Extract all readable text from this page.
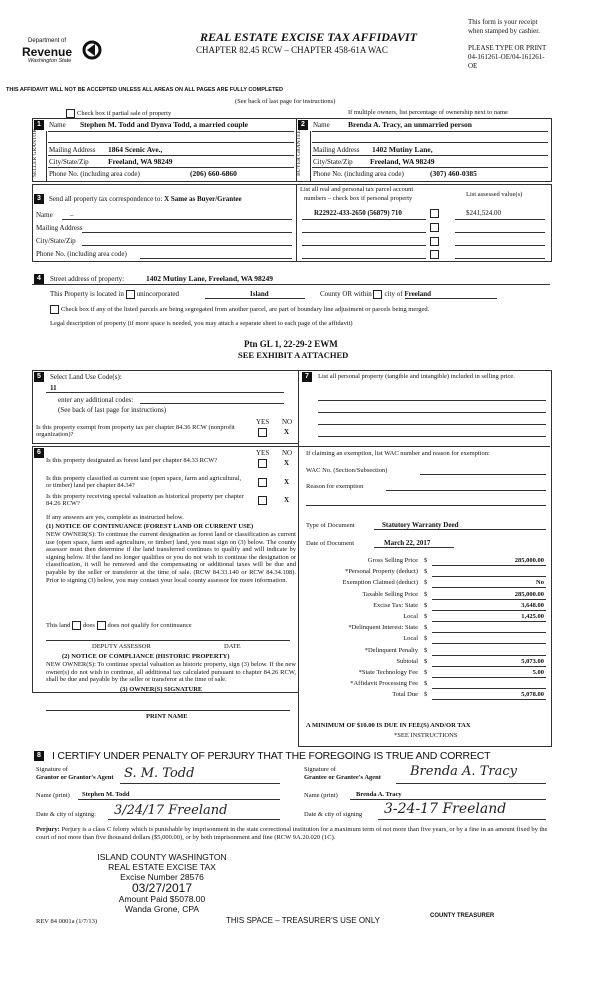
Department of
Revenue
Washington State
REAL ESTATE EXCISE TAX AFFIDAVIT
CHAPTER 82.45 RCW – CHAPTER 458-61A WAC
This form is your receipt
when stamped by cashier.
PLEASE TYPE OR PRINT
04-161261-OE/04-161261-
OE
THIS AFFIDAVIT WILL NOT BE ACCEPTED UNLESS ALL AREAS ON ALL PAGES ARE FULLY COMPLETED
(See back of last page for instructions)
Check box if partial sale of property	If multiple owners, list percentage of ownership next to name
1	2
SELLER GRANTOR	BUYER GRANTEE
Name Stephen M. Todd and Dynva Todd, a married couple
Mailing Address 1864 Scenic Ave.,
City/State/Zip	Freeland, WA 98249
Phone No. (including area code)	(206) 660-6860
Name Brenda A. Tracy, an unmarried person
Mailing Address 1402 Mutiny Lane,
City/State/Zip Freeland, WA 98249
Phone No. (including area code)	(307) 460-0385
3	Send all property tax correspondence to: X Same as Buyer/Grantee
Name _
Mailing Address
City/State/Zip
Phone No. (including area code)
List all real and personal tax parcel account
numbers – check box if personal property
List assessed value(s)
R22922-433-2650 (56879) 710	$241,524.00
4	Street address of property:	1402 Mutiny Lane, Freeland, WA 98249
This Property is located in unincorporated	Island	County OR within city of Freeland
Check box if any of the listed parcels are being segregated from another parcel, are part of boundary line adjustment or parcels being merged.
Legal description of property (if more space is needed, you may attach a separate sheet to each page of the affidavit)
Ptn GL 1, 22-29-2 EWM
SEE EXHIBIT A ATTACHED
5	Select Land Use Code(s):
11
enter any additional codes:
(See back of last page for instructions)
YES NO
Is this property exempt from property tax per chapter 84.36 RCW (nonprofit organization)?	X
6	YES NO
Is this property designated as forest land per chapter 84.33 RCW?	X
Is this property classified as current use (open space, farm and agricultural, or timber) land per chapter 84.34?	X
Is this property receiving special valuation as historical property per chapter 84.26 RCW?	X
If any answers are yes, complete as instructed below.
(1) NOTICE OF CONTINUANCE (FOREST LAND OR CURRENT USE)
NEW OWNER(S): To continue the current designation as forest land or classification as current use (open space, farm and agriculture, or timber) land, you must sign on (3) below. The county assessor must then determine if the land transferred continues to qualify and will indicate by signing below. If the land no longer qualifies or you do not wish to continue the designation or classification, it will be removed and the compensating or additional taxes will be due and payable by the seller or transferor at the time of sale. (RCW 84.33.140 or RCW 84.34.108). Prior to signing (3) below, you may contact your local county assessor for more information.
This land does does not qualify for continuance
DEPUTY ASSESSOR	DATE
(2) NOTICE OF COMPLIANCE (HISTORIC PROPERTY)
NEW OWNER(S): To continue special valuation as historic property, sign (3) below. If the new owner(s) do not wish to continue, all additional tax calculated pursuant to chapter 84.26 RCW, shall be due and payable by the seller or transferor at the time of sale.
(3) OWNER(S) SIGNATURE
PRINT NAME
7	List all personal property (tangible and intangible) included in selling price.
If claiming an exemption, list WAC number and reason for exemption:
WAC No. (Section/Subsection)
Reason for exemption
Type of Document	Statutory Warranty Deed
Date of Document	March 22, 2017
Gross Selling Price $	285,000.00
*Personal Property (deduct) $
Exemption Claimed (deduct) $	No
Taxable Selling Price $	285,000.00
Excise Tax: State $	3,648.00
Local $	1,425.00
*Delinquent Interest: State $
Local $
*Delinquent Penalty $
Subtotal $	5,073.00
*State Technology Fee $	5.00
*Affidavit Processing Fee $
Total Due $	5,078.00
A MINIMUM OF $10.00 IS DUE IN FEE(S) AND/OR TAX
*SEE INSTRUCTIONS
8 I CERTIFY UNDER PENALTY OF PERJURY THAT THE FOREGOING IS TRUE AND CORRECT
Signature of
Grantor or Grantor's Agent S. M. Todd	Signature of
Grantee or Grantee's Agent Brenda A. Tracy
Name (print) Stephen M. Todd	Name (print)	Brenda A. Tracy
Date & city of signing: 3/24/17 Freeland	Date & city of signing 3-24-17 Freeland
Perjury: Perjury is a class C felony which is punishable by imprisonment in the state correctional institution for a maximum term of not more than five years, or by a fine in an amount fixed by the court of not more than five thousand dollars ($5,000.00), or by both imprisonment and fine (RCW 9A.20.020 (1C).
ISLAND COUNTY WASHINGTON
REAL ESTATE EXCISE TAX
Excise Number 28576
03/27/2017
Amount Paid $5078.00
Wanda Grone, CPA
REV 84 0001a (1/7/13)	THIS SPACE – TREASURER'S USE ONLY	COUNTY TREASURER
